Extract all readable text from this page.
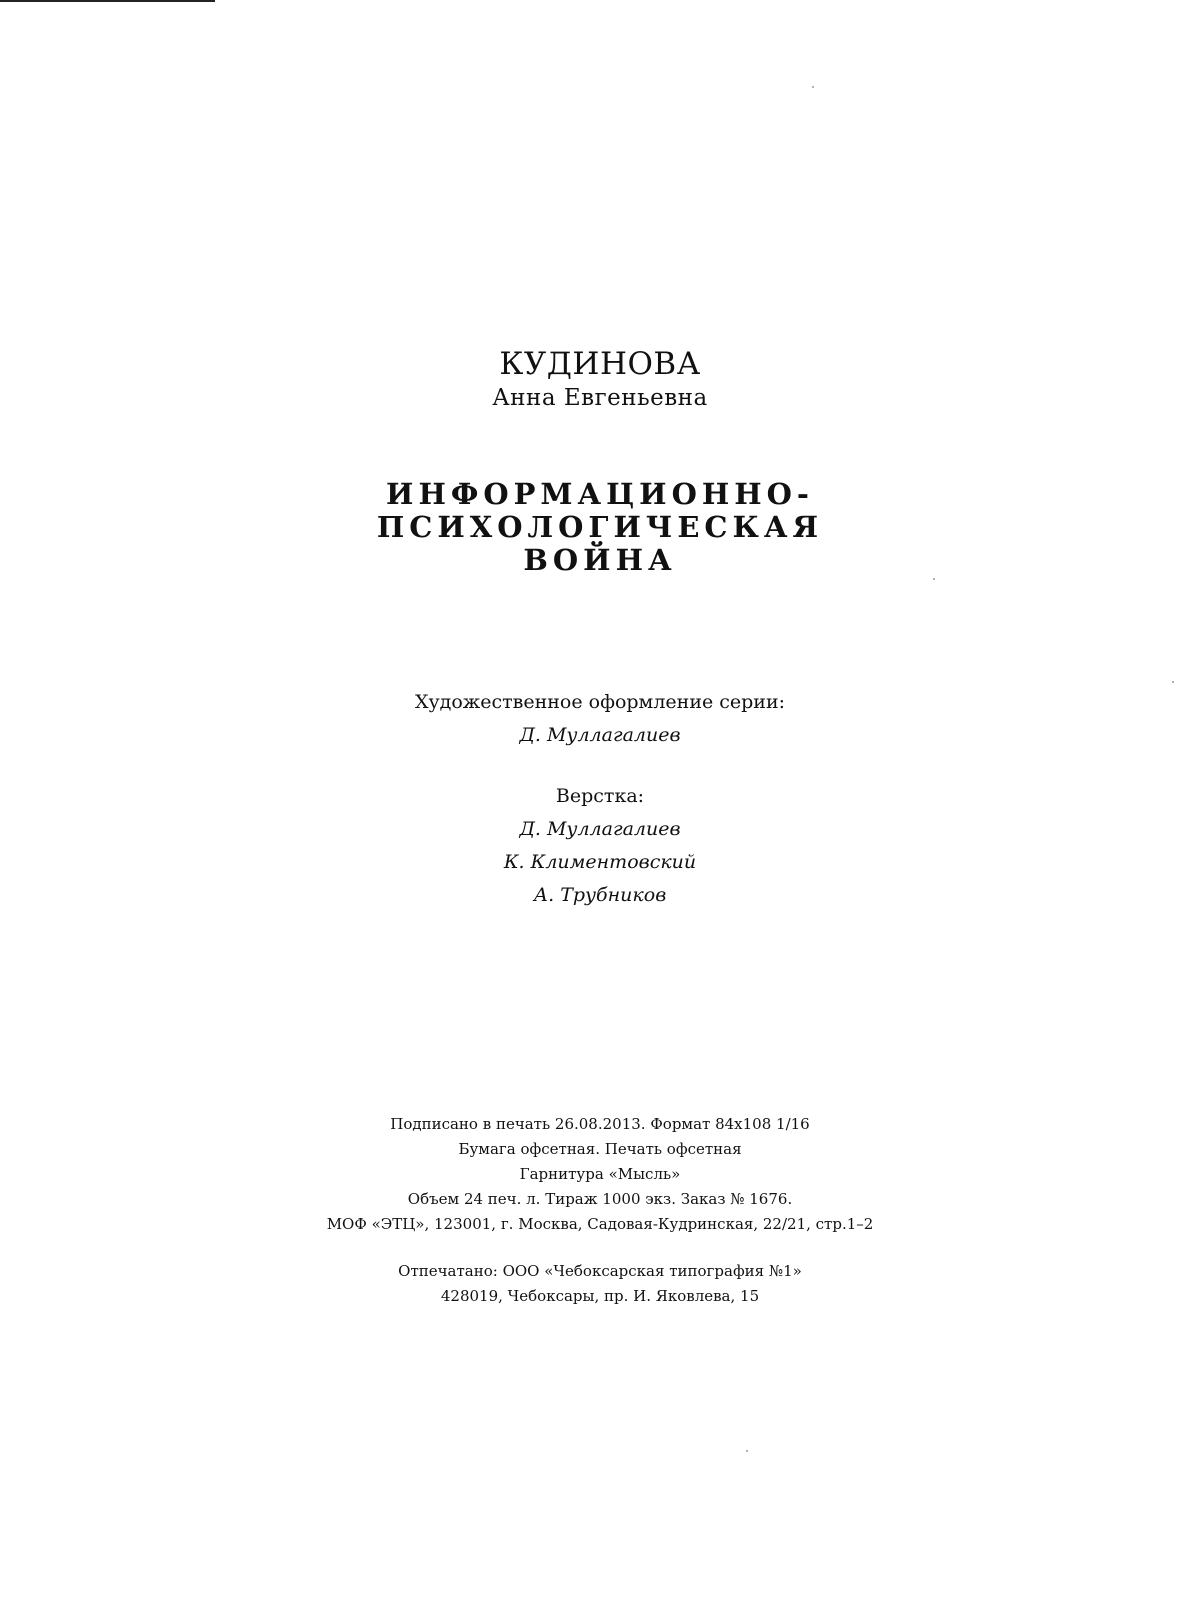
КУДИНОВА
Анна Евгеньевна
ИНФОРМАЦИОННО-
ПСИХОЛОГИЧЕСКАЯ
ВОЙНА

Художественное оформление серии:

Д. Муллагалиев

Верстка:

Д. Муллагалиев

К. Климентовский

А. Трубников

Подписано в печать 26.08.2013. Формат 84x108 1/16

Бумага офсетная. Печать офсетная

Гарнитура «Мысль»

Объем 24 печ. л. Тираж 1000 экз. Заказ № 1676.

МОФ «ЭТЦ», 123001, г. Москва, Садовая-Кудринская, 22/21, стр.1–2

Отпечатано: ООО «Чебоксарская типография №1»

428019, Чебоксары, пр. И. Яковлева, 15
